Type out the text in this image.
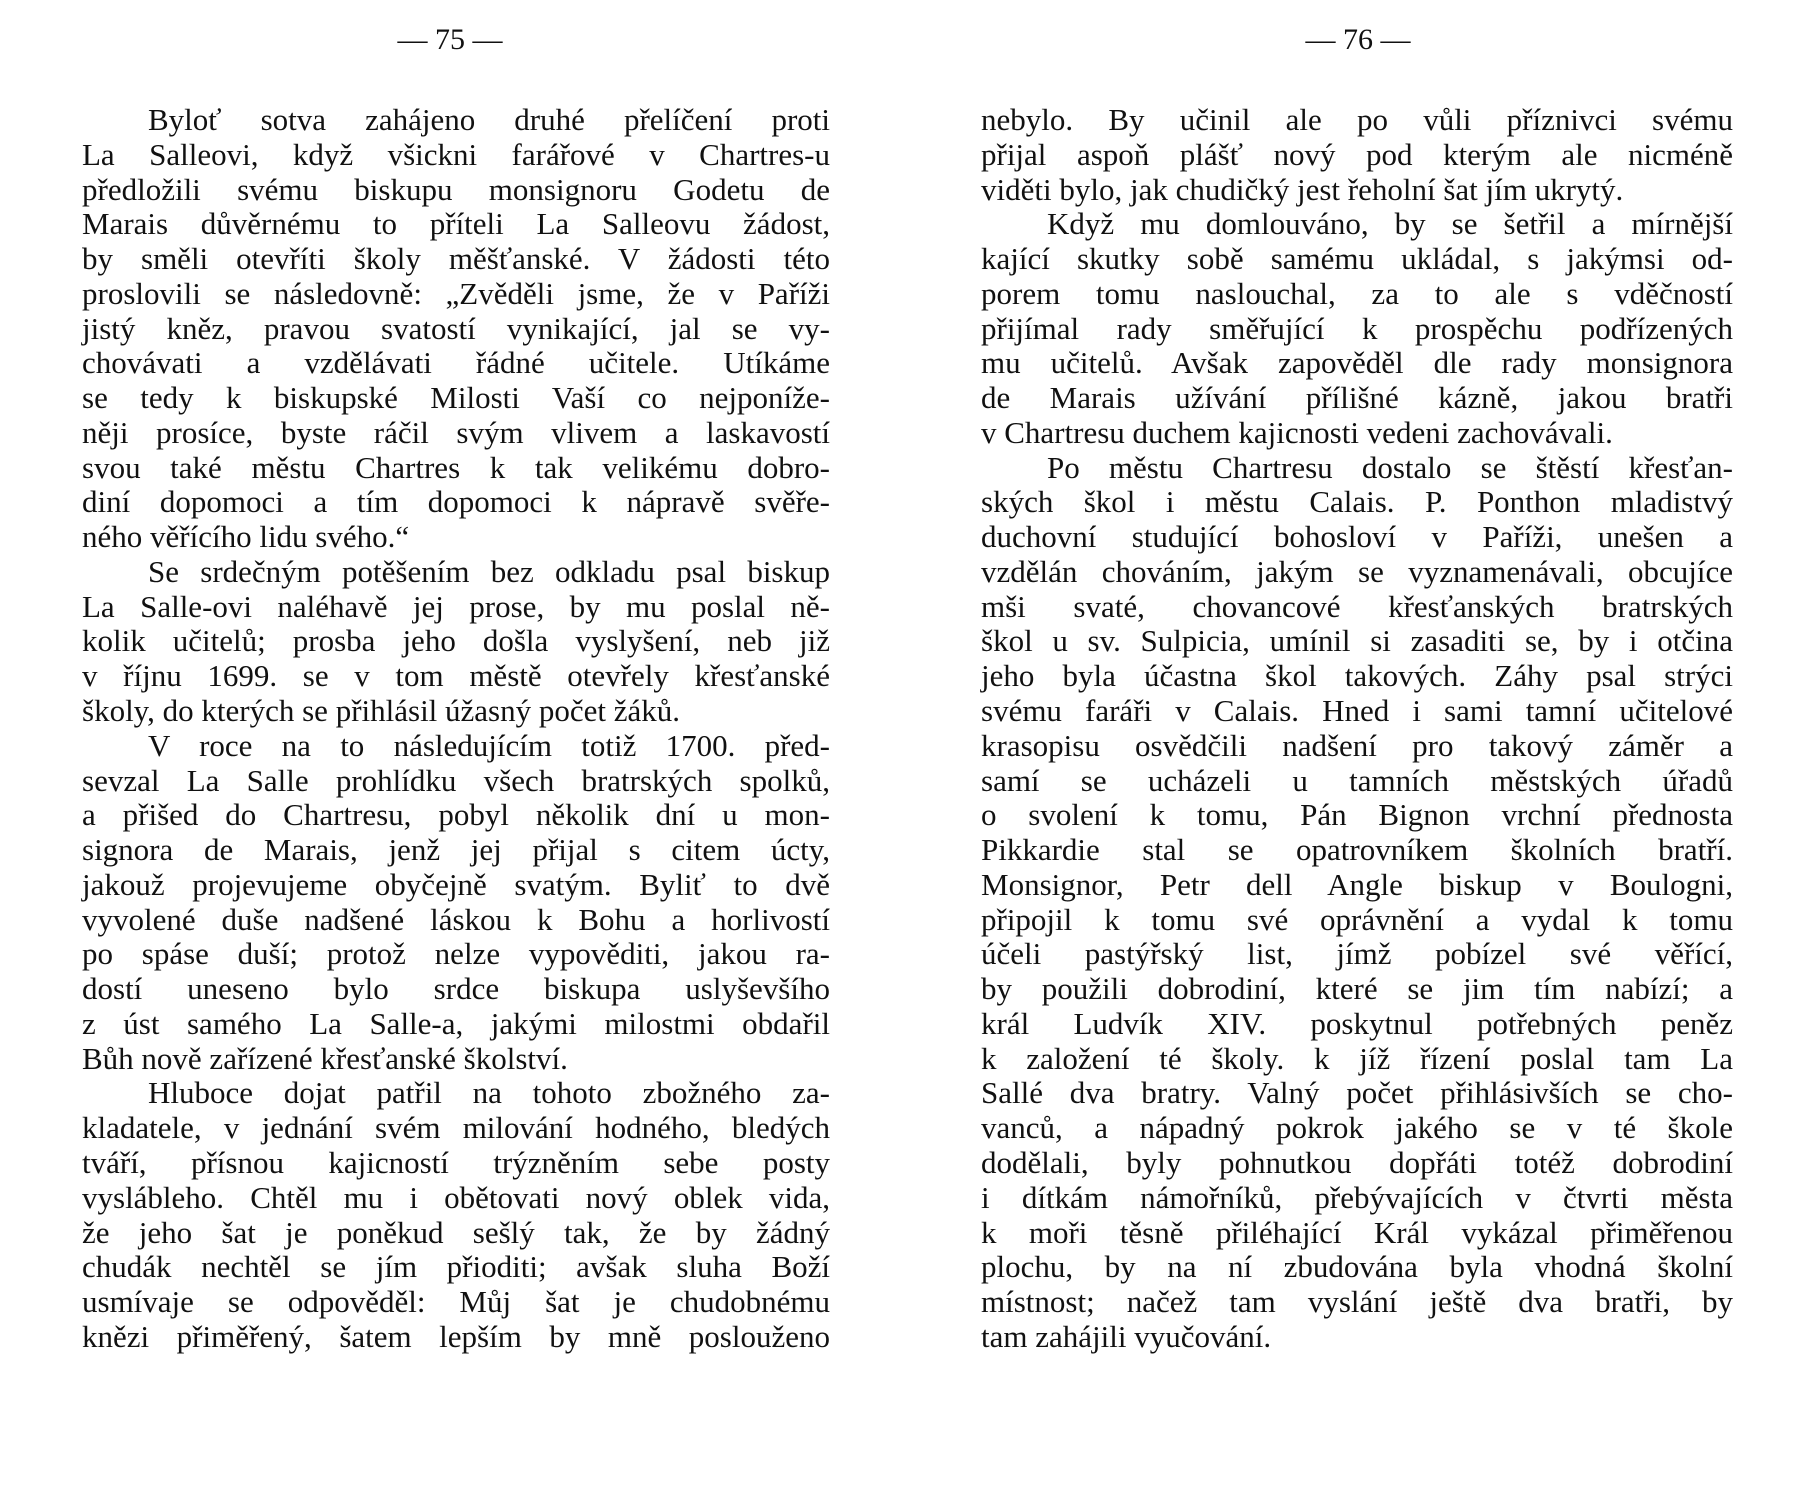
— 75 —	— 76 —
Byloť sotva zahájeno druhé přelíčení proti
La Salleovi, když všickni farářové v Chartres-u
předložili svému biskupu monsignoru Godetu de
Marais důvěrnému to příteli La Salleovu žádost,
by směli otevříti školy měšťanské. V žádosti této
proslovili se následovně: „Zvěděli jsme, že v Paříži
jistý kněz, pravou svatostí vynikající, jal se vy-
chovávati a vzdělávati řádné učitele. Utíkáme
se tedy k biskupské Milosti Vaší co nejponíže-
něji prosíce, byste ráčil svým vlivem a laskavostí
svou také městu Chartres k tak velikému dobro-
diní dopomoci a tím dopomoci k nápravě svěře-
ného věřícího lidu svého.“
Se srdečným potěšením bez odkladu psal biskup
La Salle-ovi naléhavě jej prose, by mu poslal ně-
kolik učitelů; prosba jeho došla vyslyšení, neb již
v říjnu 1699. se v tom městě otevřely křesťanské
školy, do kterých se přihlásil úžasný počet žáků.
V roce na to následujícím totiž 1700. před-
sevzal La Salle prohlídku všech bratrských spolků,
a přišed do Chartresu, pobyl několik dní u mon-
signora de Marais, jenž jej přijal s citem úcty,
jakouž projevujeme obyčejně svatým. Byliť to dvě
vyvolené duše nadšené láskou k Bohu a horlivostí
po spáse duší; protož nelze vypověditi, jakou ra-
dostí uneseno bylo srdce biskupa uslyševšího
z úst samého La Salle-a, jakými milostmi obdařil
Bůh nově zařízené křesťanské školství.
Hluboce dojat patřil na tohoto zbožného za-
kladatele, v jednání svém milování hodného, bledých
tváří, přísnou kajicností trýzněním sebe posty
vyslábleho. Chtěl mu i obětovati nový oblek vida,
že jeho šat je poněkud sešlý tak, že by žádný
chudák nechtěl se jím přioditi; avšak sluha Boží
usmívaje se odpověděl: Můj šat je chudobnému
knězi přiměřený, šatem lepším by mně poslouženo
nebylo. By učinil ale po vůli příznivci svému
přijal aspoň plášť nový pod kterým ale nicméně
viděti bylo, jak chudičký jest řeholní šat jím ukrytý.
Když mu domlouváno, by se šetřil a mírnější
kající skutky sobě samému ukládal, s jakýmsi od-
porem tomu naslouchal, za to ale s vděčností
přijímal rady směřující k prospěchu podřízených
mu učitelů. Avšak zapověděl dle rady monsignora
de Marais užívání přílišné kázně, jakou bratři
v Chartresu duchem kajicnosti vedeni zachovávali.
Po městu Chartresu dostalo se štěstí křesťan-
ských škol i městu Calais. P. Ponthon mladistvý
duchovní studující bohosloví v Paříži, unešen a
vzdělán chováním, jakým se vyznamenávali, obcujíce
mši svaté, chovancové křesťanských bratrských
škol u sv. Sulpicia, umínil si zasaditi se, by i otčina
jeho byla účastna škol takových. Záhy psal strýci
svému faráři v Calais. Hned i sami tamní učitelové
krasopisu osvědčili nadšení pro takový záměr a
samí se ucházeli u tamních městských úřadů
o svolení k tomu, Pán Bignon vrchní přednosta
Pikkardie stal se opatrovníkem školních bratří.
Monsignor, Petr dell Angle biskup v Boulogni,
připojil k tomu své oprávnění a vydal k tomu
účeli pastýřský list, jímž pobízel své věřící,
by použili dobrodiní, které se jim tím nabízí; a
král Ludvík XIV. poskytnul potřebných peněz
k založení té školy. k jíž řízení poslal tam La
Sallé dva bratry. Valný počet přihlásivších se cho-
vanců, a nápadný pokrok jakého se v té škole
dodělali, byly pohnutkou dopřáti totéž dobrodiní
i dítkám námořníků, přebývajících v čtvrti města
k moři těsně přiléhající Král vykázal přiměřenou
plochu, by na ní zbudována byla vhodná školní
místnost; načež tam vyslání ještě dva bratři, by
tam zahájili vyučování.
